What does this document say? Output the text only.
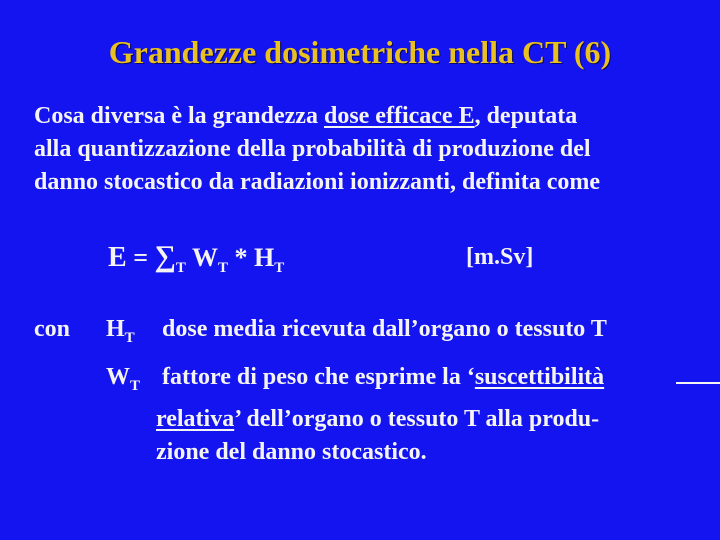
Grandezze dosimetriche nella CT (6)
Cosa diversa è la grandezza dose efficace E, deputata
alla quantizzazione della probabilità di produzione del
danno stocastico da radiazioni ionizzanti, definita come
$E = \sum_T$ $W_T * H_T$	[m.Sv]
con $H_T$ dose media ricevuta dall’organo o tessuto T
$W_T$ fattore di peso che esprime la ‘suscettibilità
relativa’ dell’organo o tessuto T alla produ-
zione del danno stocastico.
